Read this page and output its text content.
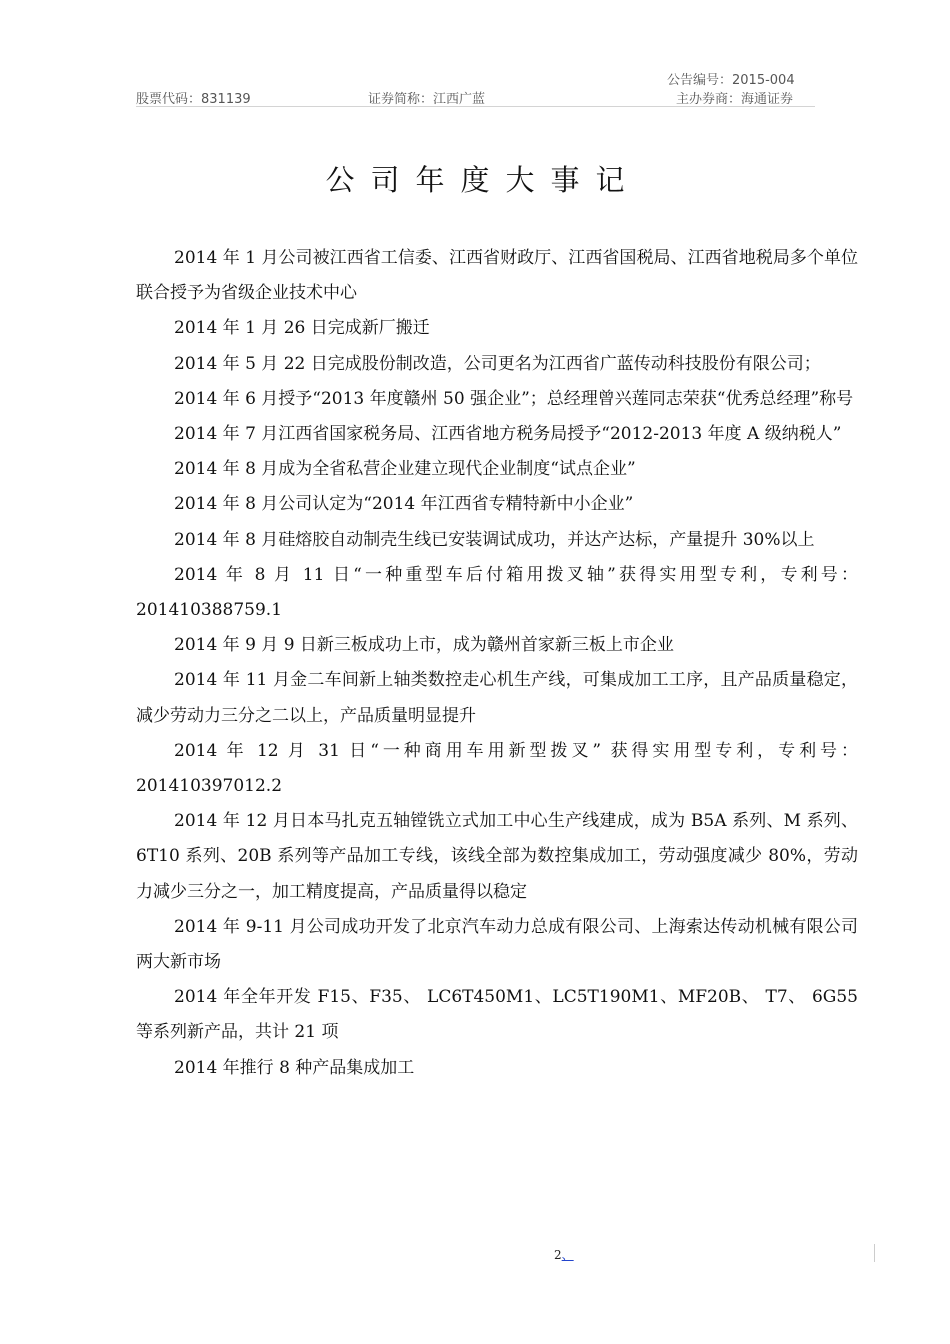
公告编号：2015-004
股票代码：831139	证券简称：江西广蓝	主办券商：海通证券
公司年度大事记

2014 年 1 月公司被江西省工信委、江西省财政厅、江西省国税局、江西省地税局多个单位联合授予为省级企业技术中心

2014 年 1 月 26 日完成新厂搬迁

2014 年 5 月 22 日完成股份制改造，公司更名为江西省广蓝传动科技股份有限公司；

2014 年 6 月授予“2013 年度赣州 50 强企业”；总经理曾兴莲同志荣获“优秀总经理”称号

2014 年 7 月江西省国家税务局、江西省地方税务局授予“2012-2013 年度 A 级纳税人”

2014 年 8 月成为全省私营企业建立现代企业制度“试点企业”

2014 年 8 月公司认定为“2014 年江西省专精特新中小企业”

2014 年 8 月硅熔胶自动制壳生线已安装调试成功，并达产达标，产量提升 30%以上

2014 年 8 月 11 日“一种重型车后付箱用拨叉轴”获得实用型专利，专利号：201410388759.1

2014 年 9 月 9 日新三板成功上市，成为赣州首家新三板上市企业

2014 年 11 月金二车间新上轴类数控走心机生产线，可集成加工工序，且产品质量稳定，减少劳动力三分之二以上，产品质量明显提升

2014 年 12 月 31 日“一种商用车用新型拨叉” 获得实用型专利，专利号：201410397012.2

2014 年 12 月日本马扎克五轴镗铣立式加工中心生产线建成，成为 B5A 系列、M 系列、6T10 系列、20B 系列等产品加工专线，该线全部为数控集成加工，劳动强度减少 80%，劳动力减少三分之一，加工精度提高，产品质量得以稳定

2014 年 9-11 月公司成功开发了北京汽车动力总成有限公司、上海索达传动机械有限公司两大新市场

2014 年全年开发 F15、F35、 LC6T450M1、LC5T190M1、MF20B、 T7、 6G55 等系列新产品，共计 21 项

2014 年推行 8 种产品集成加工

2、
